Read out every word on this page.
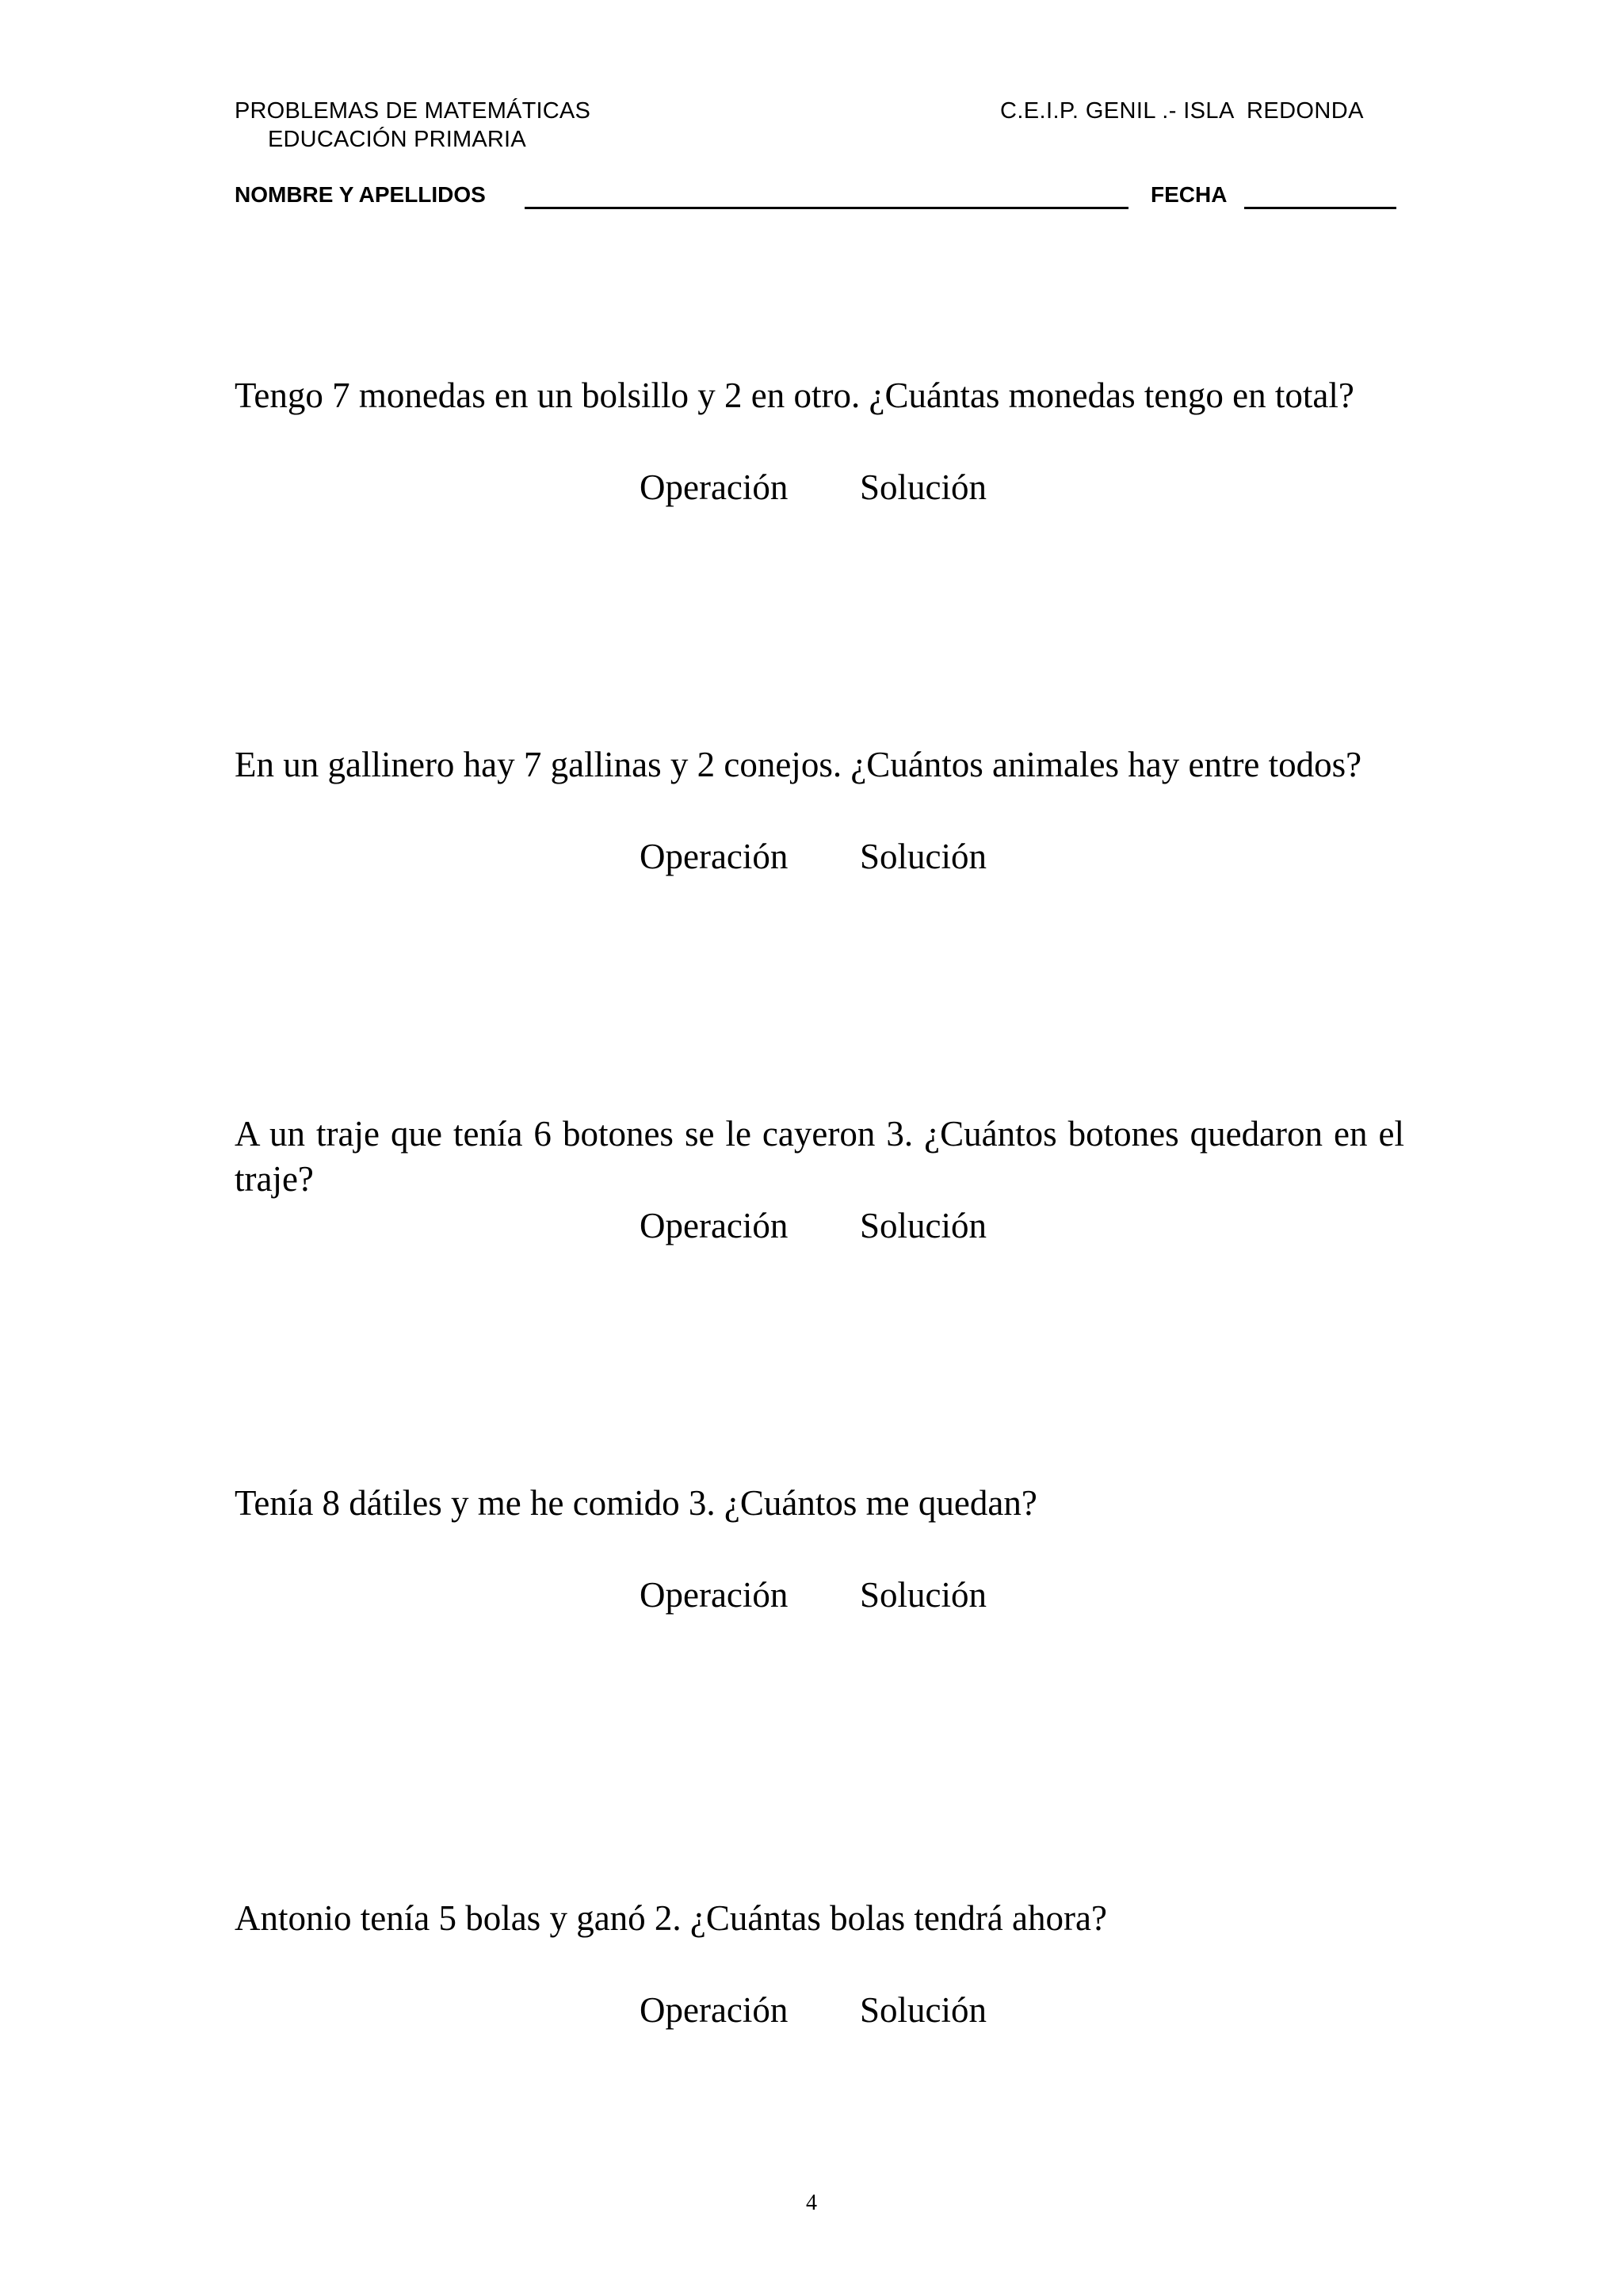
PROBLEMAS DE MATEMÁTICAS
EDUCACIÓN PRIMARIA
C.E.I.P. GENIL .- ISLA  REDONDA
NOMBRE Y APELLIDOS	FECHA
Tengo 7 monedas en un bolsillo y 2 en otro. ¿Cuántas monedas tengo en total?
Operación Solución
En un gallinero hay 7 gallinas y 2 conejos. ¿Cuántos animales hay entre todos?
Operación Solución
A un traje que tenía 6 botones se le cayeron 3. ¿Cuántos botones quedaron en el traje?
Operación Solución
Tenía 8 dátiles y me he comido 3. ¿Cuántos me quedan?
Operación Solución
Antonio tenía 5 bolas y ganó 2. ¿Cuántas bolas tendrá ahora?
Operación Solución
4
